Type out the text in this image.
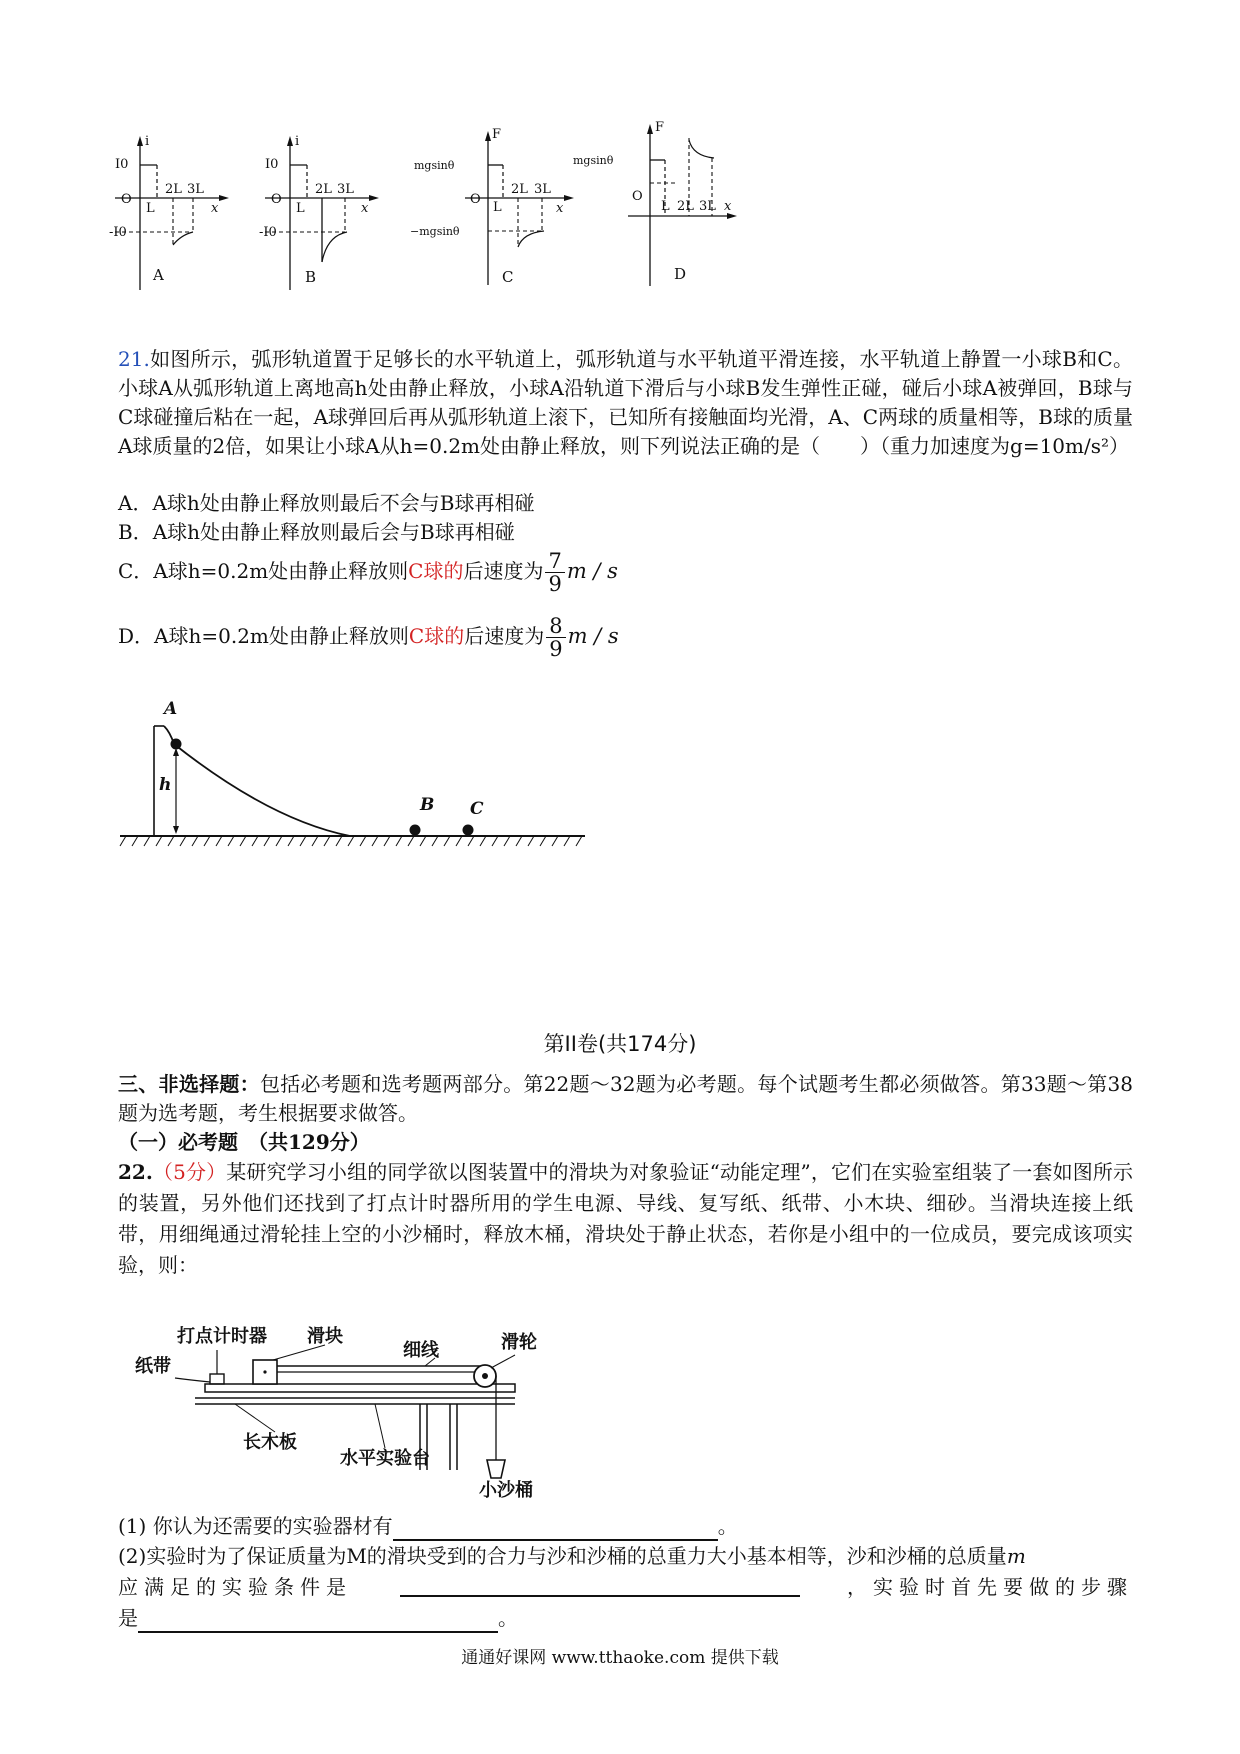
i
I0
O
-I0
L
2L 3L
x
A
i
I0
O
-I0
L
2L 3L
x
B
F
mgsinθ
O
−mgsinθ
L
2L 3L
x
C
F
mgsinθ
O
L 2L 3L x
D
21.如图所示，弧形轨道置于足够长的水平轨道上，弧形轨道与水平轨道平滑连接，水平轨道上静置一小球B和C。小球A从弧形轨道上离地高h处由静止释放，小球A沿轨道下滑后与小球B发生弹性正碰，碰后小球A被弹回，B球与C球碰撞后粘在一起，A球弹回后再从弧形轨道上滚下，已知所有接触面均光滑，A、C两球的质量相等，B球的质量A球质量的2倍，如果让小球A从h=0.2m处由静止释放，则下列说法正确的是（　　）（重力加速度为g=10m/s²）
A．A球h处由静止释放则最后不会与B球再相碰
B．A球h处由静止释放则最后会与B球再相碰
C．A球h=0.2m处由静止释放则C球的后速度为 $\frac{7}{9}$ m / s
D．A球h=0.2m处由静止释放则C球的后速度为 $\frac{8}{9}$ m / s
h
A
B C
第II卷(共174分)
三、非选择题：包括必考题和选考题两部分。第22题～32题为必考题。每个试题考生都必须做答。第33题～第38题为选考题，考生根据要求做答。
（一）必考题　（共129分）
22.（5分）某研究学习小组的同学欲以图装置中的滑块为对象验证“动能定理”，它们在实验室组装了一套如图所示的装置，另外他们还找到了打点计时器所用的学生电源、导线、复写纸、纸带、小木块、细砂。当滑块连接上纸带，用细绳通过滑轮挂上空的小沙桶时，释放木桶，滑块处于静止状态，若你是小组中的一位成员，要完成该项实验，则：
打点计时器 滑块
细线	滑轮
纸带
长木板
水平实验台
小沙桶
(1) 你认为还需要的实验器材有	。
(2)实验时为了保证质量为M的滑块受到的合力与沙和沙桶的总重力大小基本相等，沙和沙桶的总质量m
应满足的实验条件是	，实验时首先要做的步骤
是	。
通通好课网 www.tthaoke.com 提供下载
